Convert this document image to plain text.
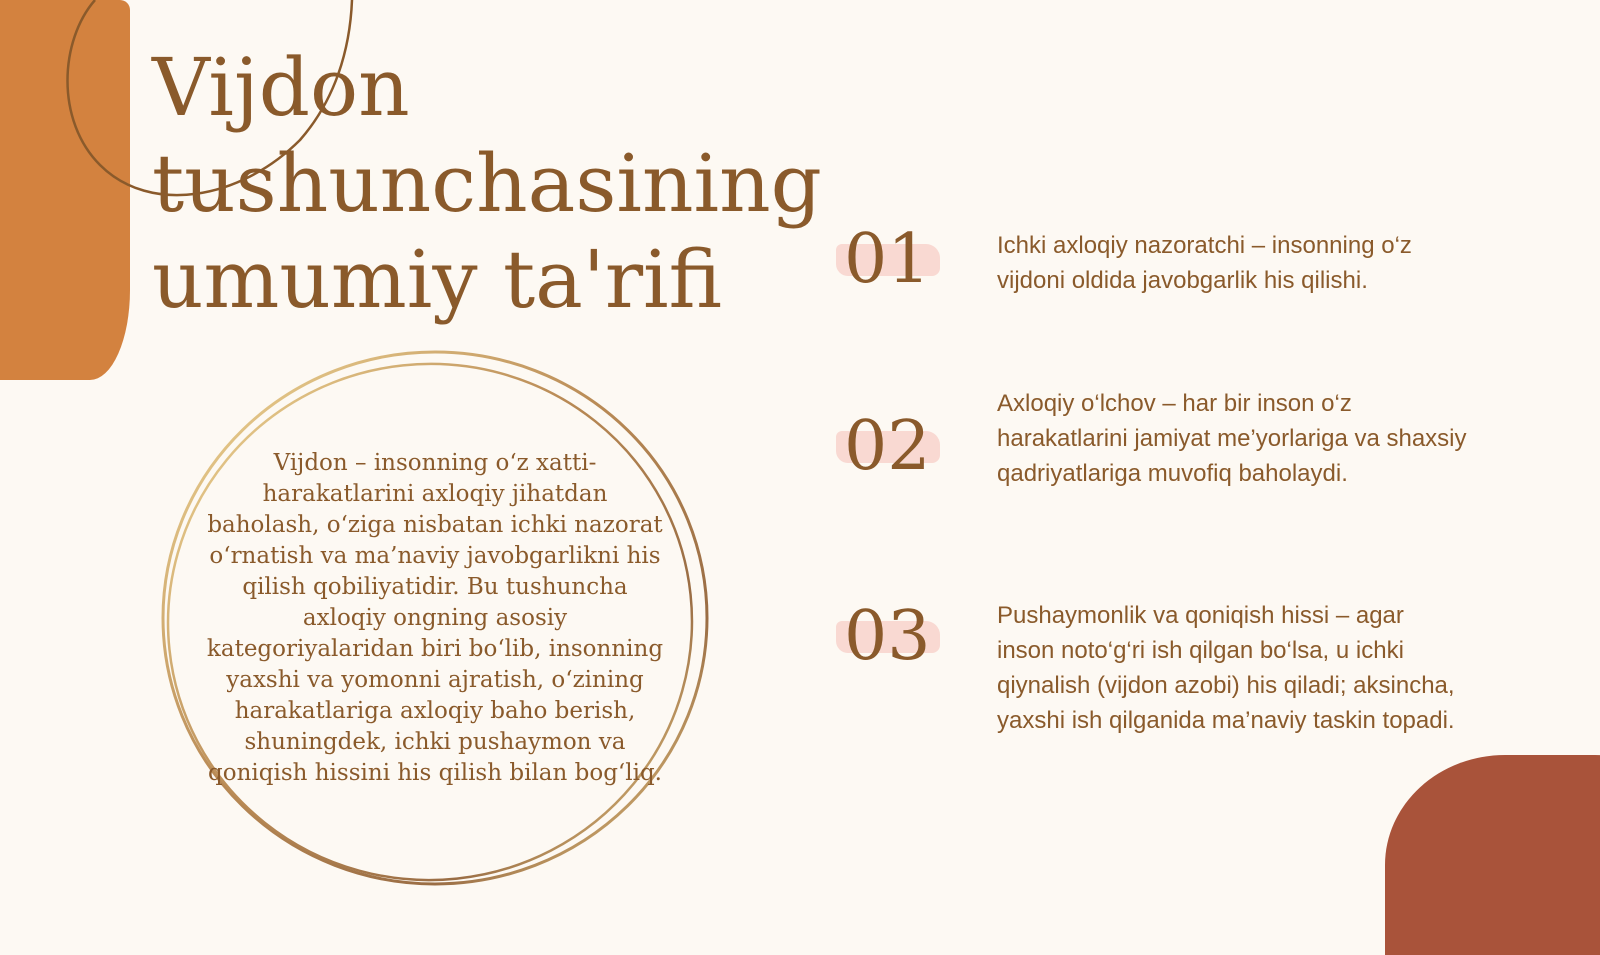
Vijdon
tushunchasining
umumiy ta'rifi

Vijdon – insonning o‘z xatti-harakatlarini axloqiy jihatdan baholash, o‘ziga nisbatan ichki nazorat o‘rnatish va ma’naviy javobgarlikni his qilish qobiliyatidir. Bu tushuncha axloqiy ongning asosiy kategoriyalaridan biri bo‘lib, insonning yaxshi va yomonni ajratish, o‘zining harakatlariga axloqiy baho berish, shuningdek, ichki pushaymon va qoniqish hissini his qilish bilan bog‘liq.

01	Ichki axloqiy nazoratchi – insonning o‘z vijdoni oldida javobgarlik his qilishi.

02

Axloqiy o‘lchov – har bir inson o‘z harakatlarini jamiyat me’yorlariga va shaxsiy qadriyatlariga muvofiq baholaydi.

03	Pushaymonlik va qoniqish hissi – agar inson noto‘g‘ri ish qilgan bo‘lsa, u ichki qiynalish (vijdon azobi) his qiladi; aksincha, yaxshi ish qilganida ma’naviy taskin topadi.
